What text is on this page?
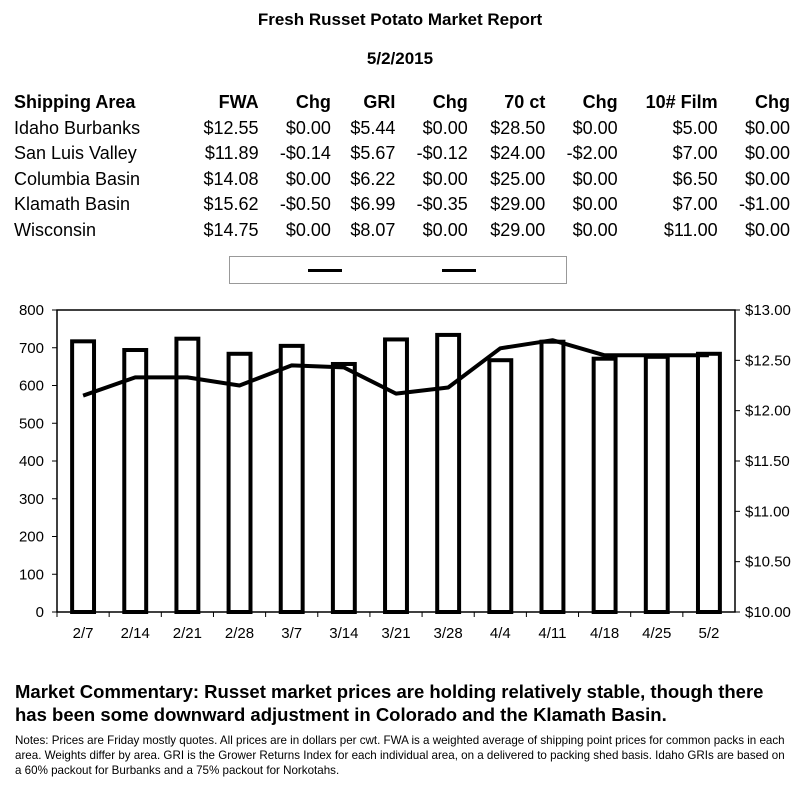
Fresh Russet Potato Market Report
5/2/2015
Shipping Area	FWA	Chg	GRI	Chg	70 ct	Chg	10# Film	Chg
Idaho Burbanks	$12.55	$0.00	$5.44	$0.00	$28.50	$0.00	$5.00	$0.00
San Luis Valley	$11.89	-$0.14	$5.67	-$0.12	$24.00	-$2.00	$7.00	$0.00
Columbia Basin	$14.08	$0.00	$6.22	$0.00	$25.00	$0.00	$6.50	$0.00
Klamath Basin	$15.62	-$0.50	$6.99	-$0.35	$29.00	$0.00	$7.00	-$1.00
Wisconsin	$14.75	$0.00	$8.07	$0.00	$29.00	$0.00	$11.00	$0.00
0
100
200
300
400
500
600
700
800
$10.00
$10.50
$11.00
$11.50
$12.00
$12.50
$13.00
2/7 2/14 2/21 2/28 3/7 3/14 3/21 3/28 4/4 4/11 4/18 4/25 5/2
Market Commentary: Russet market prices are holding relatively stable, though there has been some downward adjustment in Colorado and the Klamath Basin.
Notes: Prices are Friday mostly quotes. All prices are in dollars per cwt. FWA is a weighted average of shipping point prices for common packs in each area. Weights differ by area. GRI is the Grower Returns Index for each individual area, on a delivered to packing shed basis. Idaho GRIs are based on a 60% packout for Burbanks and a 75% packout for Norkotahs.
